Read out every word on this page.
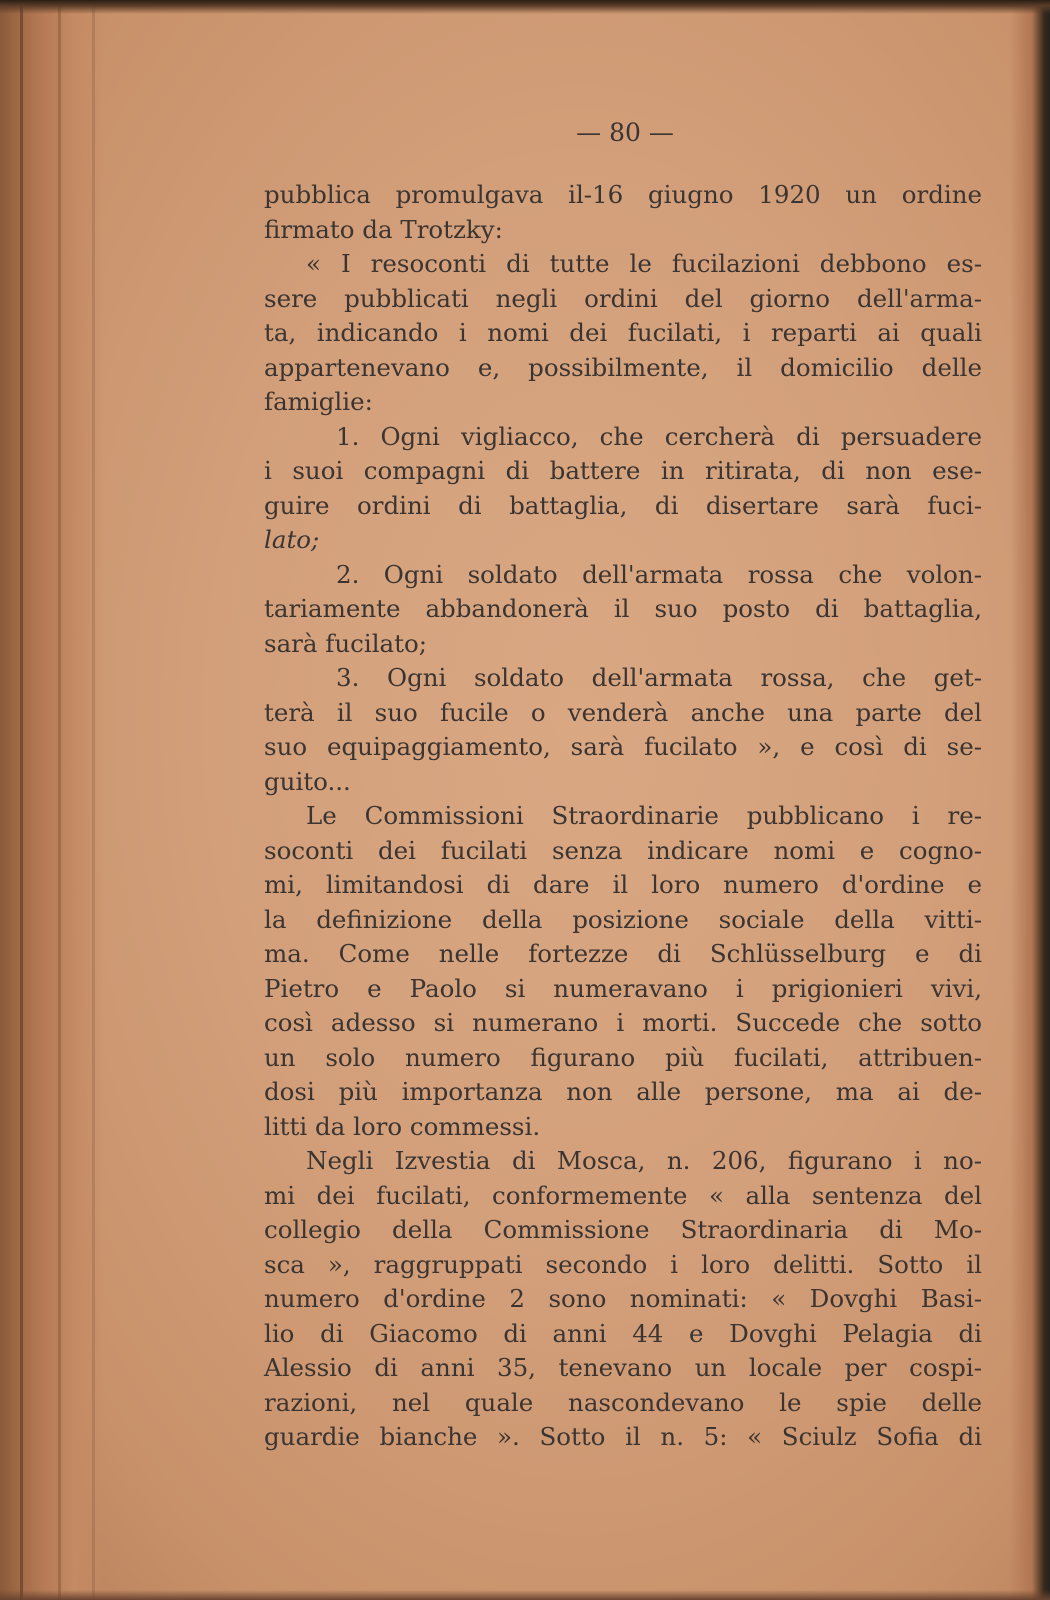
— 80 —
pubblica promulgava il-16 giugno 1920 un ordine
firmato da Trotzky:
« I resoconti di tutte le fucilazioni debbono es-
sere pubblicati negli ordini del giorno dell'arma-
ta, indicando i nomi dei fucilati, i reparti ai quali
appartenevano e, possibilmente, il domicilio delle
famiglie:
1. Ogni vigliacco, che cercherà di persuadere
i suoi compagni di battere in ritirata, di non ese-
guire ordini di battaglia, di disertare sarà fuci-
lato;
2. Ogni soldato dell'armata rossa che volon-
tariamente abbandonerà il suo posto di battaglia,
sarà fucilato;
3. Ogni soldato dell'armata rossa, che get-
terà il suo fucile o venderà anche una parte del
suo equipaggiamento, sarà fucilato », e così di se-
guito...
Le Commissioni Straordinarie pubblicano i re-
soconti dei fucilati senza indicare nomi e cogno-
mi, limitandosi di dare il loro numero d'ordine e
la definizione della posizione sociale della vitti-
ma. Come nelle fortezze di Schlüsselburg e di
Pietro e Paolo si numeravano i prigionieri vivi,
così adesso si numerano i morti. Succede che sotto
un solo numero figurano più fucilati, attribuen-
dosi più importanza non alle persone, ma ai de-
litti da loro commessi.
Negli Izvestia di Mosca, n. 206, figurano i no-
mi dei fucilati, conformemente « alla sentenza del
collegio della Commissione Straordinaria di Mo-
sca », raggruppati secondo i loro delitti. Sotto il
numero d'ordine 2 sono nominati: « Dovghi Basi-
lio di Giacomo di anni 44 e Dovghi Pelagia di
Alessio di anni 35, tenevano un locale per cospi-
razioni, nel quale nascondevano le spie delle
guardie bianche ». Sotto il n. 5: « Sciulz Sofia di
